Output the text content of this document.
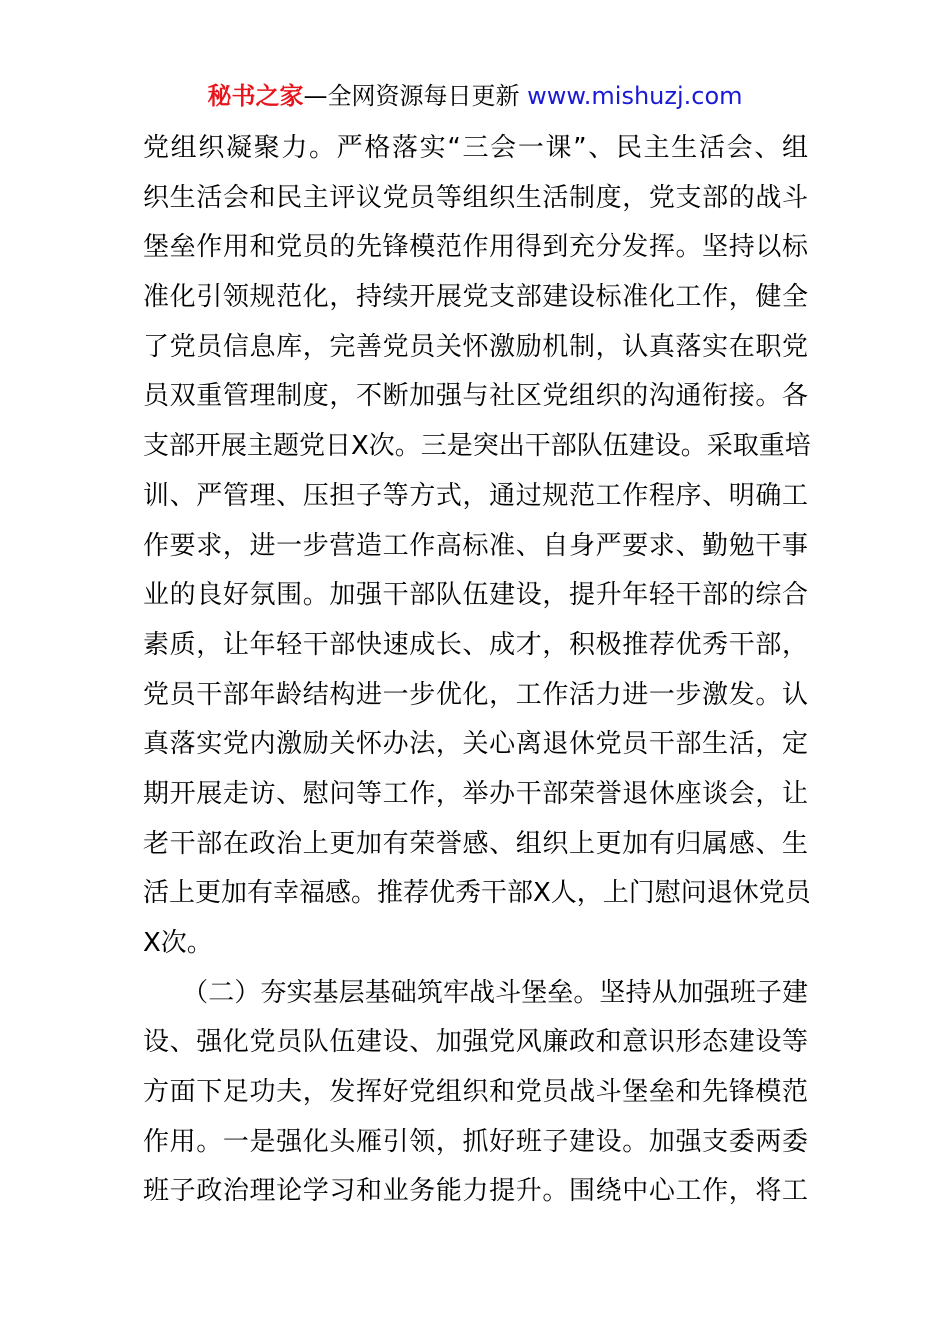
秘书之家—全网资源每日更新 www.mishuzj.com
党组织凝聚力。严格落实“三会一课”、民主生活会、组
织生活会和民主评议党员等组织生活制度，党支部的战斗
堡垒作用和党员的先锋模范作用得到充分发挥。坚持以标
准化引领规范化，持续开展党支部建设标准化工作，健全
了党员信息库，完善党员关怀激励机制，认真落实在职党
员双重管理制度，不断加强与社区党组织的沟通衔接。各
支部开展主题党日X次。三是突出干部队伍建设。采取重培
训、严管理、压担子等方式，通过规范工作程序、明确工
作要求，进一步营造工作高标准、自身严要求、勤勉干事
业的良好氛围。加强干部队伍建设，提升年轻干部的综合
素质，让年轻干部快速成长、成才，积极推荐优秀干部，
党员干部年龄结构进一步优化，工作活力进一步激发。认
真落实党内激励关怀办法，关心离退休党员干部生活，定
期开展走访、慰问等工作，举办干部荣誉退休座谈会，让
老干部在政治上更加有荣誉感、组织上更加有归属感、生
活上更加有幸福感。推荐优秀干部X人，上门慰问退休党员
X次。
　　（二）夯实基层基础筑牢战斗堡垒。坚持从加强班子建
设、强化党员队伍建设、加强党风廉政和意识形态建设等
方面下足功夫，发挥好党组织和党员战斗堡垒和先锋模范
作用。一是强化头雁引领，抓好班子建设。加强支委两委
班子政治理论学习和业务能力提升。围绕中心工作，将工
